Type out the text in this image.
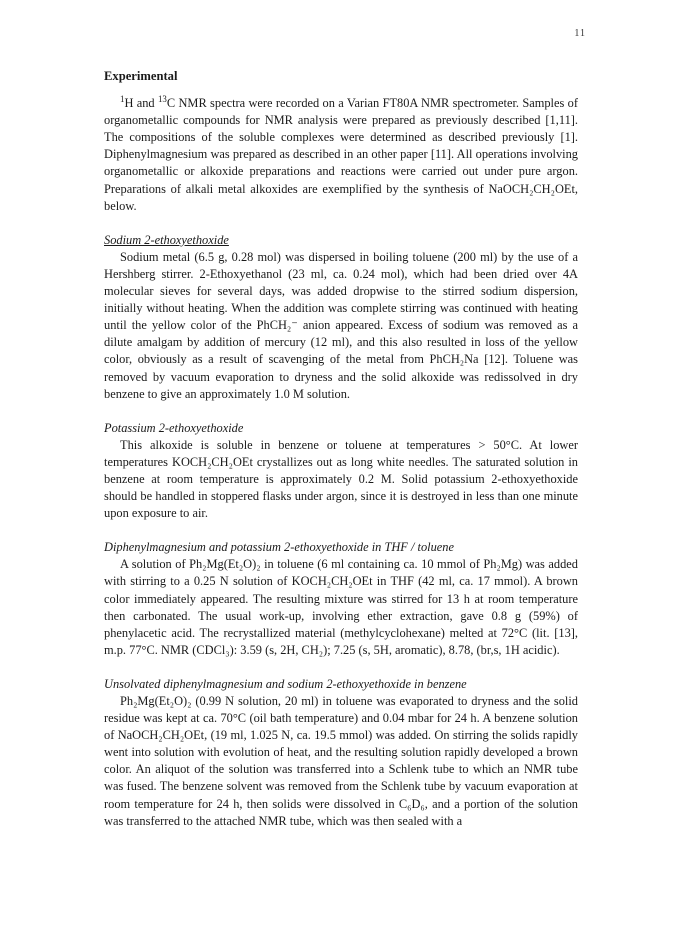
11

Experimental

$^1$H and $^{13}$C NMR spectra were recorded on a Varian FT80A NMR spectrometer. Samples of organometallic compounds for NMR analysis were prepared as previously described [1,11]. The compositions of the soluble complexes were determined as described previously [1]. Diphenylmagnesium was prepared as described in an other paper [11]. All operations involving organometallic or alkoxide preparations and reactions were carried out under pure argon. Preparations of alkali metal alkoxides are exemplified by the synthesis of NaOCH₂CH₂OEt, below.

Sodium 2-ethoxyethoxide

Sodium metal (6.5 g, 0.28 mol) was dispersed in boiling toluene (200 ml) by the use of a Hershberg stirrer. 2-Ethoxyethanol (23 ml, ca. 0.24 mol), which had been dried over 4A molecular sieves for several days, was added dropwise to the stirred sodium dispersion, initially without heating. When the addition was complete stirring was continued with heating until the yellow color of the PhCH₂⁻ anion appeared. Excess of sodium was removed as a dilute amalgam by addition of mercury (12 ml), and this also resulted in loss of the yellow color, obviously as a result of scavenging of the metal from PhCH₂Na [12]. Toluene was removed by vacuum evaporation to dryness and the solid alkoxide was redissolved in dry benzene to give an approximately 1.0 M solution.

Potassium 2-ethoxyethoxide

This alkoxide is soluble in benzene or toluene at temperatures > 50°C. At lower temperatures KOCH₂CH₂OEt crystallizes out as long white needles. The saturated solution in benzene at room temperature is approximately 0.2 M. Solid potassium 2-ethoxyethoxide should be handled in stoppered flasks under argon, since it is destroyed in less than one minute upon exposure to air.

Diphenylmagnesium and potassium 2-ethoxyethoxide in THF / toluene

A solution of Ph₂Mg(Et₂O)₂ in toluene (6 ml containing ca. 10 mmol of Ph₂Mg) was added with stirring to a 0.25 N solution of KOCH₂CH₂OEt in THF (42 ml, ca. 17 mmol). A brown color immediately appeared. The resulting mixture was stirred for 13 h at room temperature then carbonated. The usual work-up, involving ether extraction, gave 0.8 g (59%) of phenylacetic acid. The recrystallized material (methylcyclohexane) melted at 72°C (lit. [13], m.p. 77°C. NMR (CDCl₃): 3.59 (s, 2H, CH₂); 7.25 (s, 5H, aromatic), 8.78, (br,s, 1H acidic).

Unsolvated diphenylmagnesium and sodium 2-ethoxyethoxide in benzene

Ph₂Mg(Et₂O)₂ (0.99 N solution, 20 ml) in toluene was evaporated to dryness and the solid residue was kept at ca. 70°C (oil bath temperature) and 0.04 mbar for 24 h. A benzene solution of NaOCH₂CH₂OEt, (19 ml, 1.025 N, ca. 19.5 mmol) was added. On stirring the solids rapidly went into solution with evolution of heat, and the resulting solution rapidly developed a brown color. An aliquot of the solution was transferred into a Schlenk tube to which an NMR tube was fused. The benzene solvent was removed from the Schlenk tube by vacuum evaporation at room temperature for 24 h, then solids were dissolved in C₆D₆, and a portion of the solution was transferred to the attached NMR tube, which was then sealed with a
